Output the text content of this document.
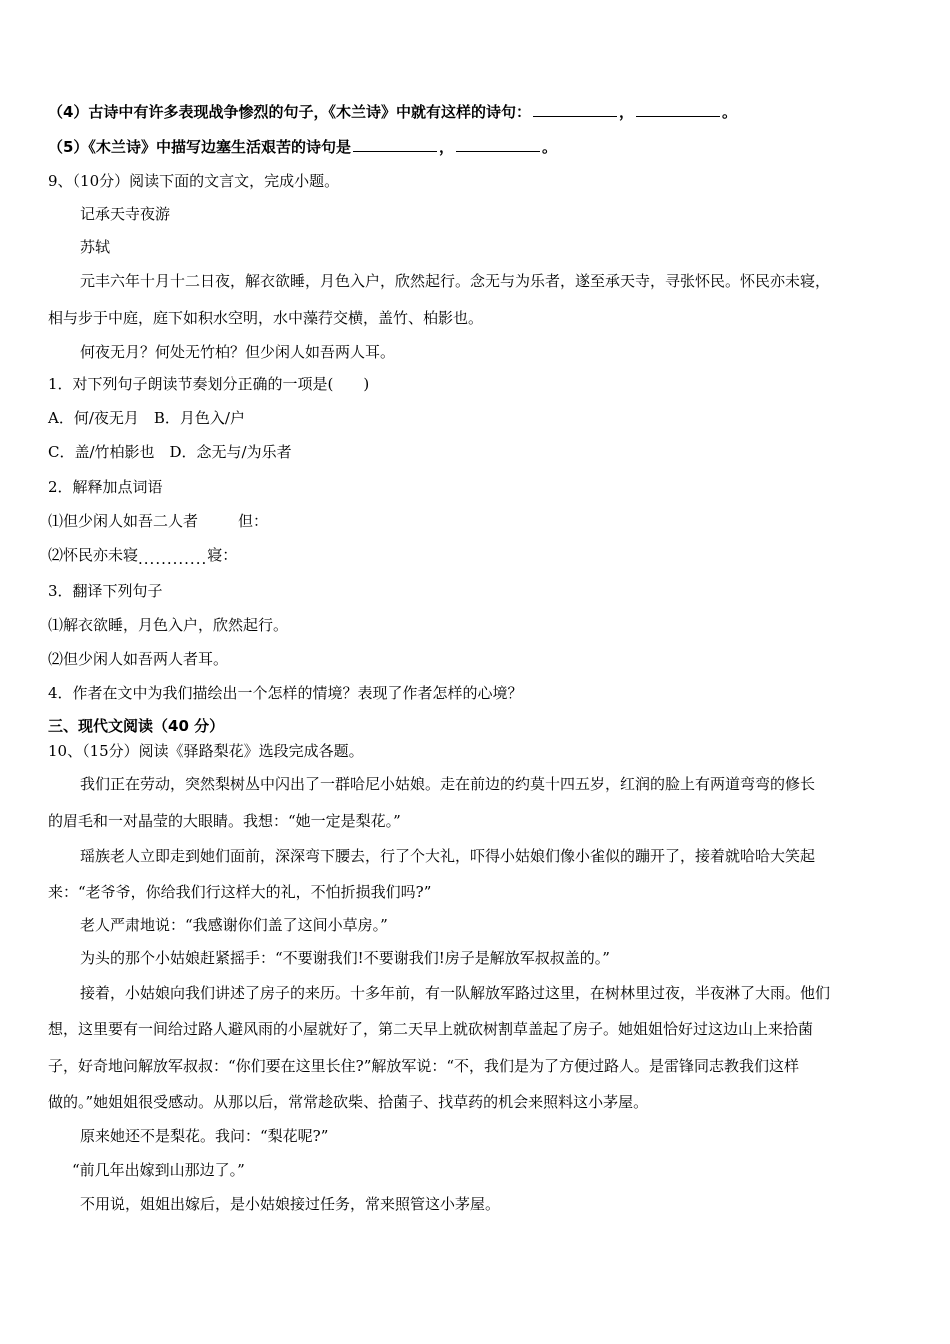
（4）古诗中有许多表现战争惨烈的句子，《木兰诗》中就有这样的诗句：	，	。
（5）《木兰诗》中描写边塞生活艰苦的诗句是	，	。
9、（10分）阅读下面的文言文，完成小题。
记承天寺夜游
苏轼
元丰六年十月十二日夜，解衣欲睡，月色入户，欣然起行。念无与为乐者，遂至承天寺，寻张怀民。怀民亦未寝，
相与步于中庭，庭下如积水空明，水中藻荇交横，盖竹、柏影也。
何夜无月？何处无竹柏？但少闲人如吾两人耳。
1．对下列句子朗读节奏划分正确的一项是(　　)
A．何/夜无月　B．月色入/户
C．盖/竹柏影也　D．念无与/为乐者
2．解释加点词语
⑴但少闲人如吾二人者	但：
⑵怀民亦未寝............寝：
3．翻译下列句子
⑴解衣欲睡，月色入户，欣然起行。
⑵但少闲人如吾两人者耳。
4．作者在文中为我们描绘出一个怎样的情境？表现了作者怎样的心境？
三、现代文阅读（40 分）
10、（15分）阅读《驿路梨花》选段完成各题。
我们正在劳动，突然梨树丛中闪出了一群哈尼小姑娘。走在前边的约莫十四五岁，红润的脸上有两道弯弯的修长
的眉毛和一对晶莹的大眼睛。我想：“她一定是梨花。”
瑶族老人立即走到她们面前，深深弯下腰去，行了个大礼，吓得小姑娘们像小雀似的蹦开了，接着就哈哈大笑起
来：“老爷爷，你给我们行这样大的礼，不怕折损我们吗?”
老人严肃地说：“我感谢你们盖了这间小草房。”
为头的那个小姑娘赶紧摇手：“不要谢我们!不要谢我们!房子是解放军叔叔盖的。”
接着，小姑娘向我们讲述了房子的来历。十多年前，有一队解放军路过这里，在树林里过夜，半夜淋了大雨。他们
想，这里要有一间给过路人避风雨的小屋就好了，第二天早上就砍树割草盖起了房子。她姐姐恰好过这边山上来拾菌
子，好奇地问解放军叔叔：“你们要在这里长住?”解放军说：“不，我们是为了方便过路人。是雷锋同志教我们这样
做的。”她姐姐很受感动。从那以后，常常趁砍柴、拾菌子、找草药的机会来照料这小茅屋。
原来她还不是梨花。我问：“梨花呢?”
“前几年出嫁到山那边了。”
不用说，姐姐出嫁后，是小姑娘接过任务，常来照管这小茅屋。
